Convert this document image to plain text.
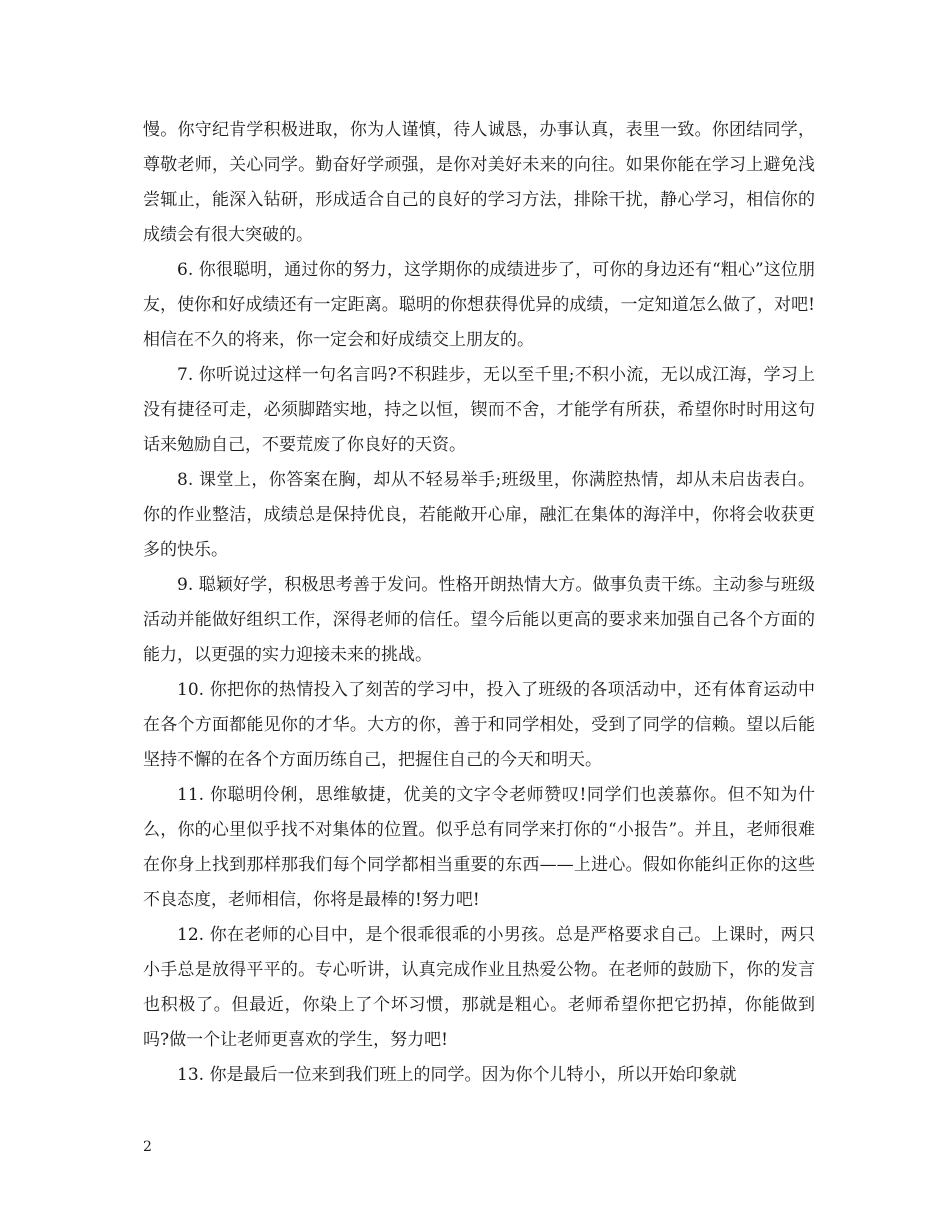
慢。你守纪肯学积极进取，你为人谨慎，待人诚恳，办事认真，表里一致。你团结同学，尊敬老师，关心同学。勤奋好学顽强，是你对美好未来的向往。如果你能在学习上避免浅尝辄止，能深入钻研，形成适合自己的良好的学习方法，排除干扰，静心学习，相信你的成绩会有很大突破的。

6. 你很聪明，通过你的努力，这学期你的成绩进步了，可你的身边还有“粗心”这位朋友，使你和好成绩还有一定距离。聪明的你想获得优异的成绩，一定知道怎么做了，对吧!相信在不久的将来，你一定会和好成绩交上朋友的。

7. 你听说过这样一句名言吗?不积跬步，无以至千里;不积小流，无以成江海，学习上没有捷径可走，必须脚踏实地，持之以恒，锲而不舍，才能学有所获，希望你时时用这句话来勉励自己，不要荒废了你良好的天资。

8. 课堂上，你答案在胸，却从不轻易举手;班级里，你满腔热情，却从未启齿表白。你的作业整洁，成绩总是保持优良，若能敞开心扉，融汇在集体的海洋中，你将会收获更多的快乐。

9. 聪颖好学，积极思考善于发问。性格开朗热情大方。做事负责干练。主动参与班级活动并能做好组织工作，深得老师的信任。望今后能以更高的要求来加强自己各个方面的能力，以更强的实力迎接未来的挑战。

10. 你把你的热情投入了刻苦的学习中，投入了班级的各项活动中，还有体育运动中在各个方面都能见你的才华。大方的你，善于和同学相处，受到了同学的信赖。望以后能坚持不懈的在各个方面历练自己，把握住自己的今天和明天。

11. 你聪明伶俐，思维敏捷，优美的文字令老师赞叹!同学们也羡慕你。但不知为什么，你的心里似乎找不对集体的位置。似乎总有同学来打你的“小报告”。并且，老师很难在你身上找到那样那我们每个同学都相当重要的东西——上进心。假如你能纠正你的这些不良态度，老师相信，你将是最棒的!努力吧!

12. 你在老师的心目中，是个很乖很乖的小男孩。总是严格要求自己。上课时，两只小手总是放得平平的。专心听讲，认真完成作业且热爱公物。在老师的鼓励下，你的发言也积极了。但最近，你染上了个坏习惯，那就是粗心。老师希望你把它扔掉，你能做到吗?做一个让老师更喜欢的学生，努力吧!

13. 你是最后一位来到我们班上的同学。因为你个儿特小，所以开始印象就

2
